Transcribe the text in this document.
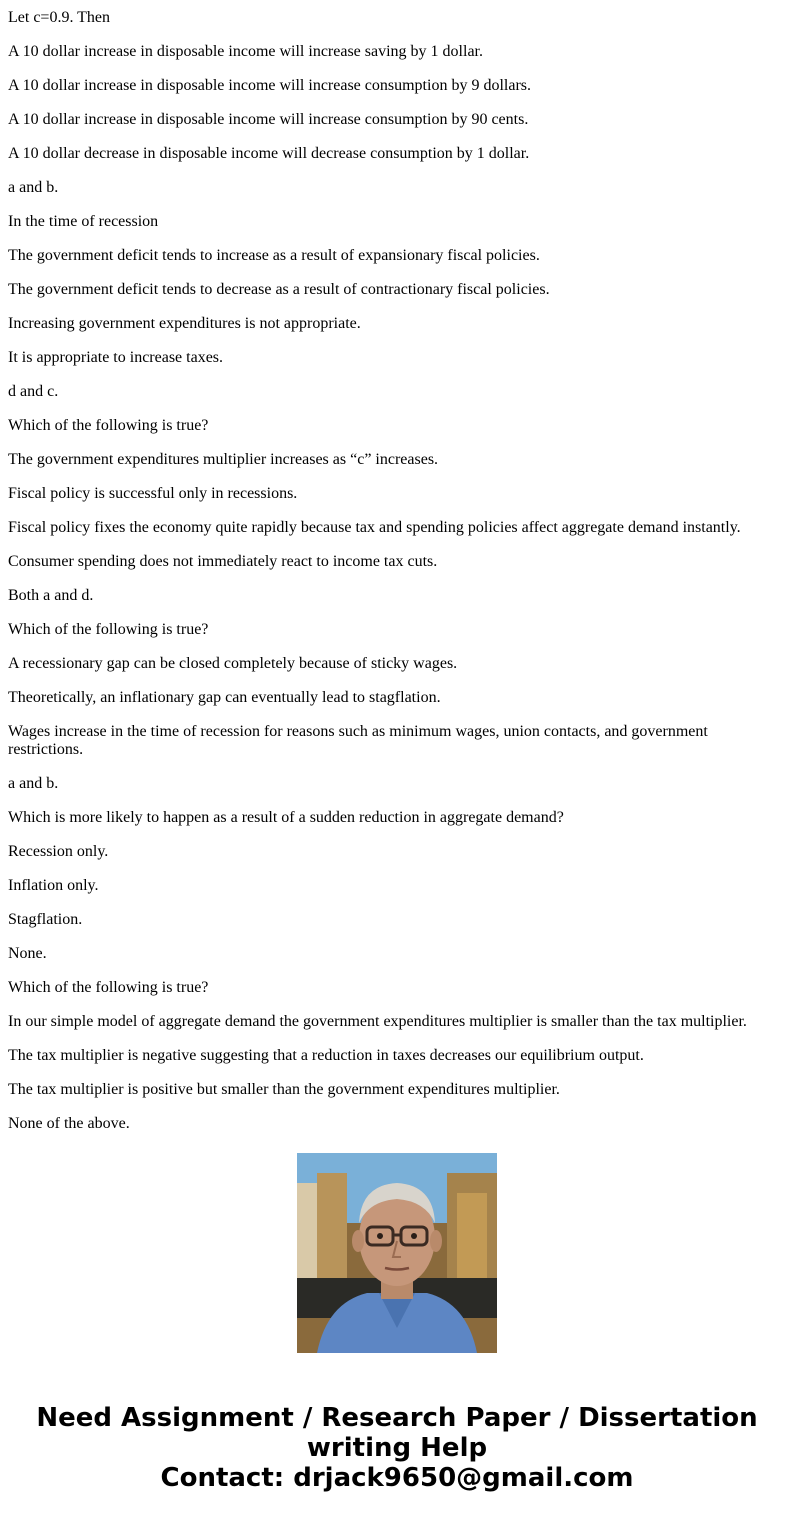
Let c=0.9. Then

A 10 dollar increase in disposable income will increase saving by 1 dollar.

A 10 dollar increase in disposable income will increase consumption by 9 dollars.

A 10 dollar increase in disposable income will increase consumption by 90 cents.

A 10 dollar decrease in disposable income will decrease consumption by 1 dollar.

a and b.

In the time of recession

The government deficit tends to increase as a result of expansionary fiscal policies.

The government deficit tends to decrease as a result of contractionary fiscal policies.

Increasing government expenditures is not appropriate.

It is appropriate to increase taxes.

d and c.

Which of the following is true?

The government expenditures multiplier increases as “c” increases.

Fiscal policy is successful only in recessions.

Fiscal policy fixes the economy quite rapidly because tax and spending policies affect aggregate demand instantly.

Consumer spending does not immediately react to income tax cuts.

Both a and d.

Which of the following is true?

A recessionary gap can be closed completely because of sticky wages.

Theoretically, an inflationary gap can eventually lead to stagflation.

Wages increase in the time of recession for reasons such as minimum wages, union contacts, and government restrictions.

a and b.

Which is more likely to happen as a result of a sudden reduction in aggregate demand?

Recession only.

Inflation only.

Stagflation.

None.

Which of the following is true?

In our simple model of aggregate demand the government expenditures multiplier is smaller than the tax multiplier.

The tax multiplier is negative suggesting that a reduction in taxes decreases our equilibrium output.

The tax multiplier is positive but smaller than the government expenditures multiplier.

None of the above.

Need Assignment / Research Paper / Dissertation
writing Help
Contact: drjack9650@gmail.com
